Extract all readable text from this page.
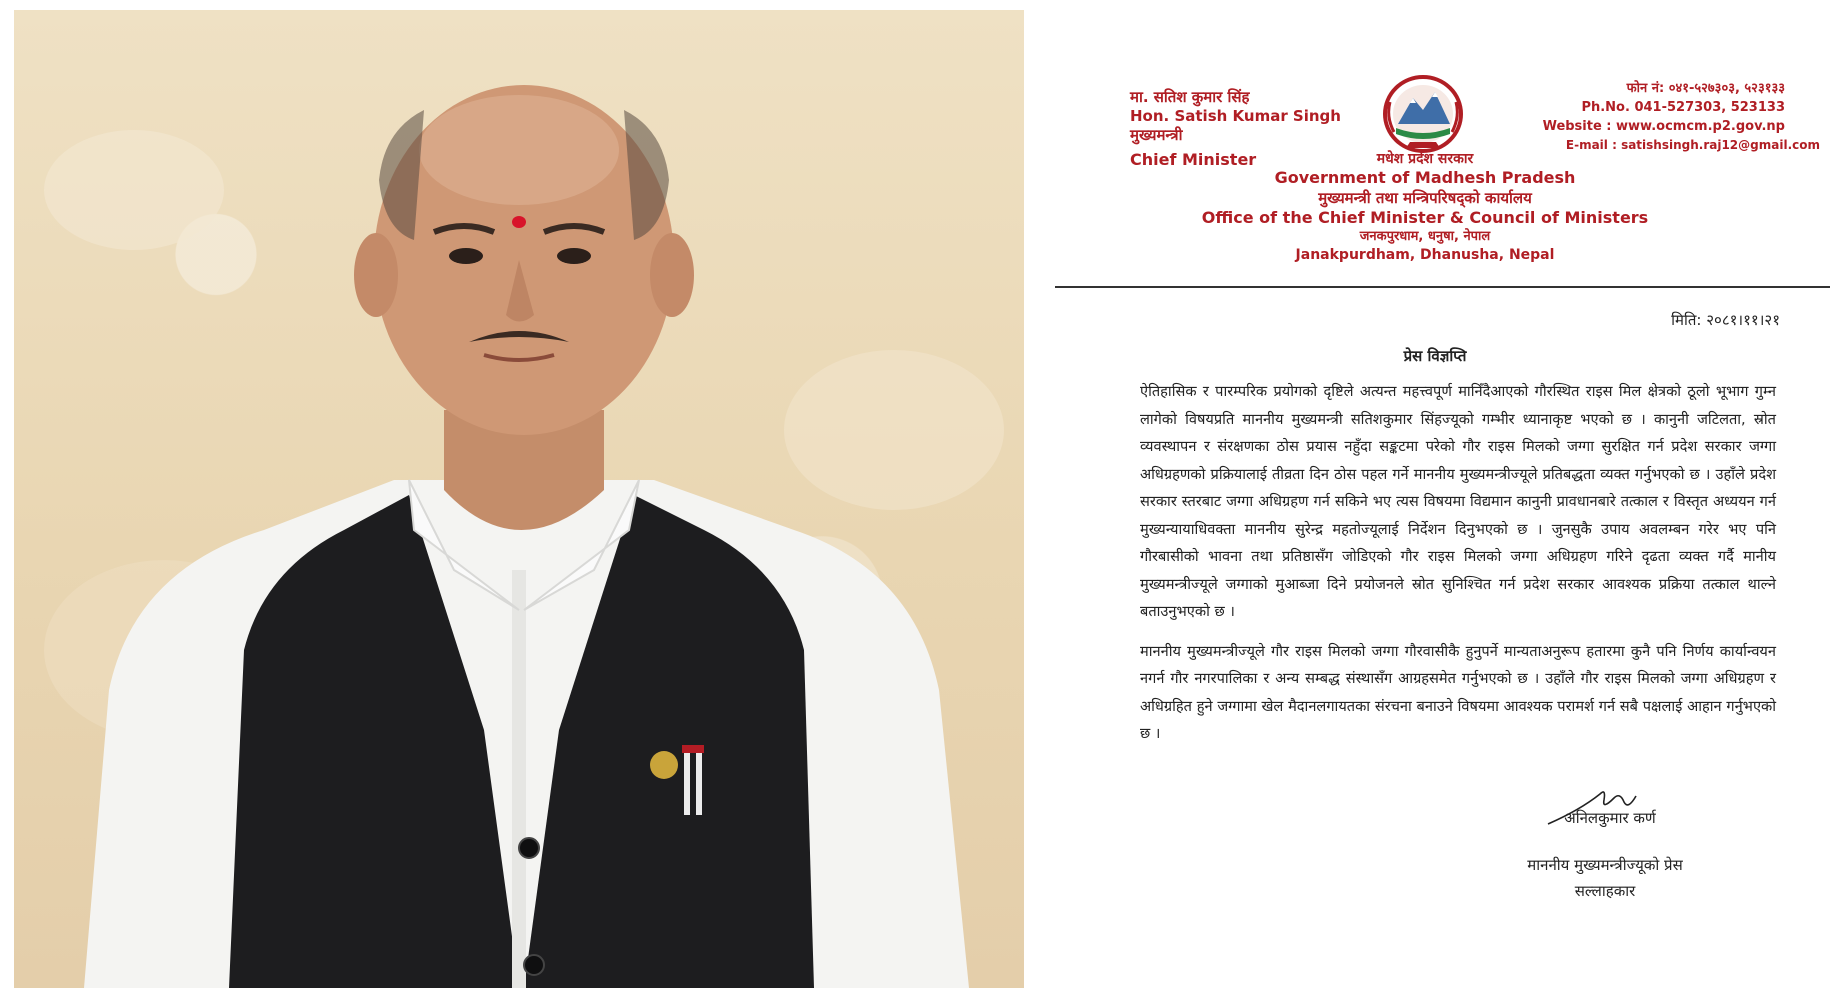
मा. सतिश कुमार सिंह
Hon. Satish Kumar Singh
मुख्यमन्त्री
Chief Minister	मधेश प्रदेश सरकार
Government of Madhesh Pradesh
मुख्यमन्त्री तथा मन्त्रिपरिषद्को कार्यालय
Office of the Chief Minister & Council of Ministers
जनकपुरधाम, धनुषा, नेपाल
Janakpurdham, Dhanusha, Nepal
फोन नं: ०४१-५२७३०३, ५२३१३३
Ph.No. 041-527303, 523133
Website : www.ocmcm.p2.gov.np
E-mail : satishsingh.raj12@gmail.com
मिति: २०८१।११।२१
प्रेस विज्ञप्ति

ऐतिहासिक र पारम्परिक प्रयोगको दृष्टिले अत्यन्त महत्त्वपूर्ण मानिँदैआएको गौरस्थित राइस मिल क्षेत्रको ठूलो भूभाग गुम्न लागेको विषयप्रति माननीय मुख्यमन्त्री सतिशकुमार सिंहज्यूको गम्भीर ध्यानाकृष्ट भएको छ । कानुनी जटिलता, स्रोत व्यवस्थापन र संरक्षणका ठोस प्रयास नहुँदा सङ्कटमा परेको गौर राइस मिलको जग्गा सुरक्षित गर्न प्रदेश सरकार जग्गा अधिग्रहणको प्रक्रियालाई तीव्रता दिन ठोस पहल गर्ने माननीय मुख्यमन्त्रीज्यूले प्रतिबद्धता व्यक्त गर्नुभएको छ । उहाँले प्रदेश सरकार स्तरबाट जग्गा अधिग्रहण गर्न सकिने भए त्यस विषयमा विद्यमान कानुनी प्रावधानबारे तत्काल र विस्तृत अध्ययन गर्न मुख्यन्यायाधिवक्ता माननीय सुरेन्द्र महतोज्यूलाई निर्देशन दिनुभएको छ । जुनसुकै उपाय अवलम्बन गरेर भए पनि गौरबासीको भावना तथा प्रतिष्ठासँग जोडिएको गौर राइस मिलको जग्गा अधिग्रहण गरिने दृढता व्यक्त गर्दै मानीय मुख्यमन्त्रीज्यूले जग्गाको मुआब्जा दिने प्रयोजनले स्रोत सुनिश्चित गर्न प्रदेश सरकार आवश्यक प्रक्रिया तत्काल थाल्ने बताउनुभएको छ ।

माननीय मुख्यमन्त्रीज्यूले गौर राइस मिलको जग्गा गौरवासीकै हुनुपर्ने मान्यताअनुरूप हतारमा कुनै पनि निर्णय कार्यान्वयन नगर्न गौर नगरपालिका र अन्य सम्बद्ध संस्थासँग आग्रहसमेत गर्नुभएको छ । उहाँले गौर राइस मिलको जग्गा अधिग्रहण र अधिग्रहित हुने जग्गामा खेल मैदानलगायतका संरचना बनाउने विषयमा आवश्यक परामर्श गर्न सबै पक्षलाई आहान गर्नुभएको छ ।

अनिलकुमार कर्ण
माननीय मुख्यमन्त्रीज्यूको प्रेस
सल्लाहकार
